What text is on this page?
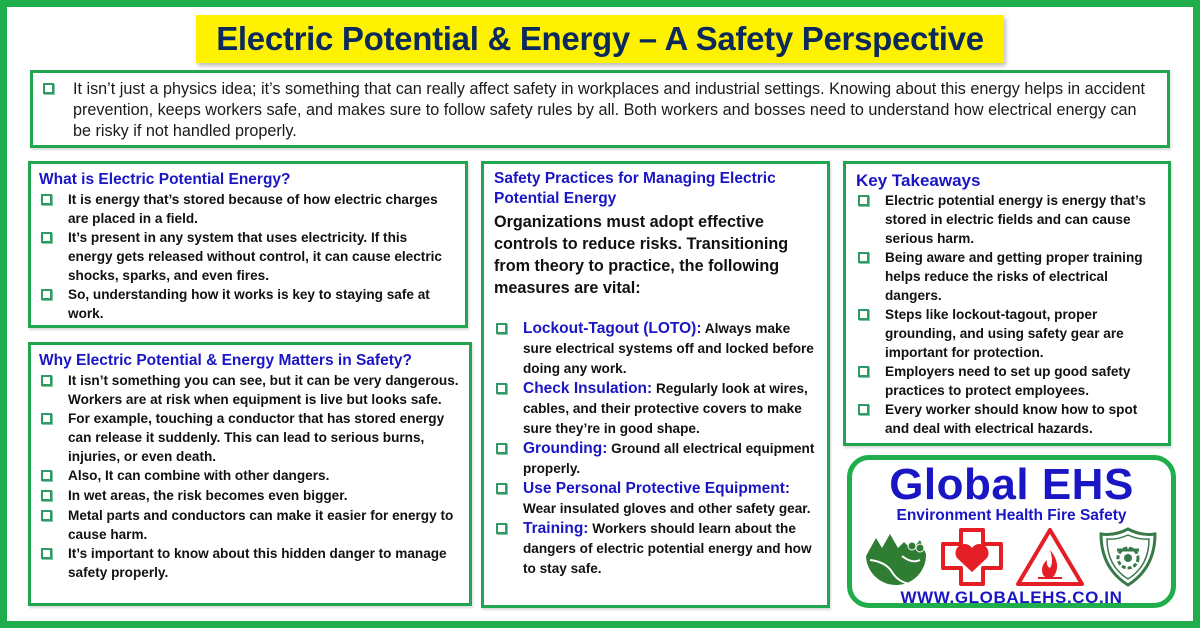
Electric Potential & Energy – A Safety Perspective
It isn’t just a physics idea; it’s something that can really affect safety in workplaces and industrial settings. Knowing about this energy helps in accident prevention, keeps workers safe, and makes sure to follow safety rules by all. Both workers and bosses need to understand how electrical energy can be risky if not handled properly.
What is Electric Potential Energy?
It is energy that’s stored because of how electric charges are placed in a field.
It’s present in any system that uses electricity. If this energy gets released without control, it can cause electric shocks, sparks, and even fires.
So, understanding how it works is key to staying safe at work.
Why Electric Potential & Energy Matters in Safety?
It isn’t something you can see, but it can be very dangerous. Workers are at risk when equipment is live but looks safe.
For example, touching a conductor that has stored energy can release it suddenly. This can lead to serious burns, injuries, or even death.
Also, It can combine with other dangers.
In wet areas, the risk becomes even bigger.
Metal parts and conductors can make it easier for energy to cause harm.
It’s important to know about this hidden danger to manage safety properly.
Safety Practices for Managing Electric Potential Energy
Organizations must adopt effective controls to reduce risks. Transitioning from theory to practice, the following measures are vital:
Lockout-Tagout (LOTO): Always make sure electrical systems off and locked before doing any work.
Check Insulation: Regularly look at wires, cables, and their protective covers to make sure they’re in good shape.
Grounding: Ground all electrical equipment properly.
Use Personal Protective Equipment: Wear insulated gloves and other safety gear.
Training: Workers should learn about the dangers of electric potential energy and how to stay safe.
Key Takeaways
Electric potential energy is energy that’s stored in electric fields and can cause serious harm.
Being aware and getting proper training helps reduce the risks of electrical dangers.
Steps like lockout-tagout, proper grounding, and using safety gear are important for protection.
Employers need to set up good safety practices to protect employees.
Every worker should know how to spot and deal with electrical hazards.
Global EHS
Environment Health Fire Safety
WWW.GLOBALEHS.CO.IN
